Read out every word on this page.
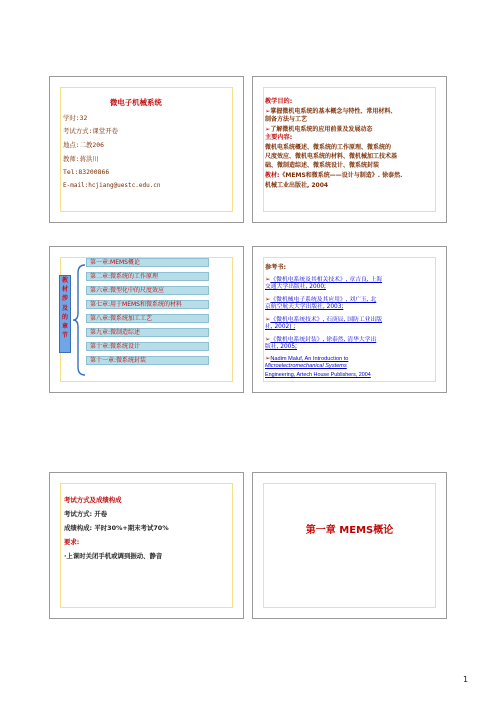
微电子机械系统
学时:32
考试方式:课堂开卷
地点:二教206
教师:蒋洪川
Tel:83200866
E-mail:hcjiang@uestc.edu.cn
教学目的:
➢掌握微机电系统的基本概念与特性、常用材料、
制备方法与工艺
➢了解微机电系统的应用前景及发展动态
主要内容:
微机电系统概述、微系统的工作原理、微系统的
尺度效应、微机电系统的材料、微机械加工技术基
础、微制造综述、微系统设计、微系统封装
教材:《MEMS和微系统——设计与制造》. 徐泰然.
机械工业出版社, 2004
教
材
涉
及
的
章
节
第一章:MEMS概论
第二章:微系统的工作原理
第六章:微型化中的尺度效应
第七章:用于MEMS和微系统的材料
第八章:微系统加工工艺
第九章:微制造综述
第十章:微系统设计
第十一章:微系统封装
参考书:
➢《微机电系统及其相关技术》, 章吉良, 上海
交通大学出版社, 2000;
➢《微机械电子系统及其应用》, 刘广玉, 北
京航空航天大学出版社, 2003;
➢《微机电系统技术》, 石庚辰, 国防工业出版
社, 2002) ;
➢《微机电系统封装》, 徐泰然, 清华大学出
版社, 2005;
➢Nadim Maluf, An Introduction to
Microelectromechanical Systems
Engineering, Artech House Publishers, 2004
考试方式及成绩构成
考试方式: 开卷
成绩构成: 平时30%+期末考试70%
要求:
·上课时关闭手机或调到振动、静音
第一章 MEMS概论
1
